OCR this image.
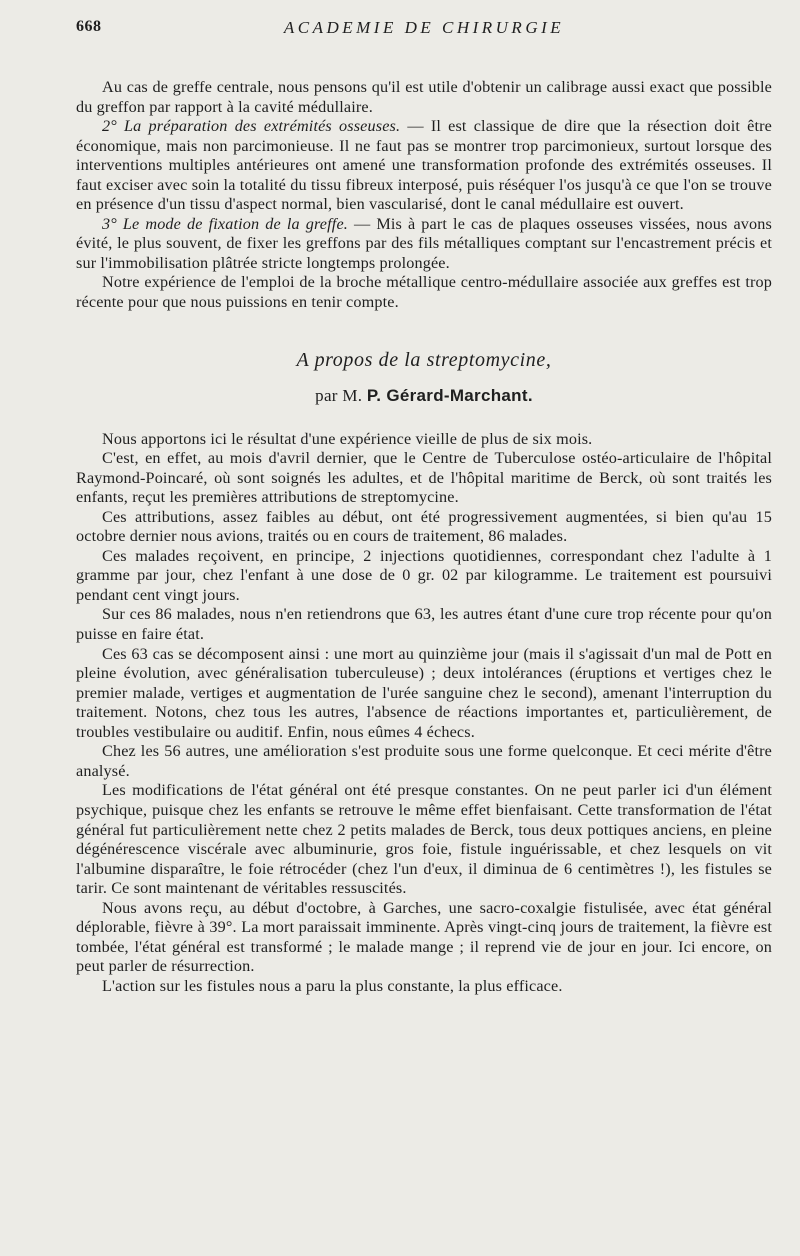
668	ACADEMIE DE CHIRURGIE

Au cas de greffe centrale, nous pensons qu'il est utile d'obtenir un calibrage aussi exact que possible du greffon par rapport à la cavité médullaire.

2° La préparation des extrémités osseuses. — Il est classique de dire que la résection doit être économique, mais non parcimonieuse. Il ne faut pas se montrer trop parcimonieux, surtout lorsque des interventions multiples antérieures ont amené une transformation profonde des extrémités osseuses. Il faut exciser avec soin la totalité du tissu fibreux interposé, puis réséquer l'os jusqu'à ce que l'on se trouve en présence d'un tissu d'aspect normal, bien vascularisé, dont le canal médullaire est ouvert.

3° Le mode de fixation de la greffe. — Mis à part le cas de plaques osseuses vissées, nous avons évité, le plus souvent, de fixer les greffons par des fils métalliques comptant sur l'encastrement précis et sur l'immobilisation plâtrée stricte longtemps prolongée.

Notre expérience de l'emploi de la broche métallique centro-médullaire associée aux greffes est trop récente pour que nous puissions en tenir compte.

A propos de la streptomycine,
par M. P. Gérard-Marchant.

Nous apportons ici le résultat d'une expérience vieille de plus de six mois.

C'est, en effet, au mois d'avril dernier, que le Centre de Tuberculose ostéo-articulaire de l'hôpital Raymond-Poincaré, où sont soignés les adultes, et de l'hôpital maritime de Berck, où sont traités les enfants, reçut les premières attributions de streptomycine.

Ces attributions, assez faibles au début, ont été progressivement augmentées, si bien qu'au 15 octobre dernier nous avions, traités ou en cours de traitement, 86 malades.

Ces malades reçoivent, en principe, 2 injections quotidiennes, correspondant chez l'adulte à 1 gramme par jour, chez l'enfant à une dose de 0 gr. 02 par kilogramme. Le traitement est poursuivi pendant cent vingt jours.

Sur ces 86 malades, nous n'en retiendrons que 63, les autres étant d'une cure trop récente pour qu'on puisse en faire état.

Ces 63 cas se décomposent ainsi : une mort au quinzième jour (mais il s'agissait d'un mal de Pott en pleine évolution, avec généralisation tuberculeuse) ; deux intolérances (éruptions et vertiges chez le premier malade, vertiges et augmentation de l'urée sanguine chez le second), amenant l'interruption du traitement. Notons, chez tous les autres, l'absence de réactions importantes et, particulièrement, de troubles vestibulaire ou auditif. Enfin, nous eûmes 4 échecs.

Chez les 56 autres, une amélioration s'est produite sous une forme quelconque. Et ceci mérite d'être analysé.

Les modifications de l'état général ont été presque constantes. On ne peut parler ici d'un élément psychique, puisque chez les enfants se retrouve le même effet bienfaisant. Cette transformation de l'état général fut particulièrement nette chez 2 petits malades de Berck, tous deux pottiques anciens, en pleine dégénérescence viscérale avec albuminurie, gros foie, fistule inguérissable, et chez lesquels on vit l'albumine disparaître, le foie rétrocéder (chez l'un d'eux, il diminua de 6 centimètres !), les fistules se tarir. Ce sont maintenant de véritables ressuscités.

Nous avons reçu, au début d'octobre, à Garches, une sacro-coxalgie fistulisée, avec état général déplorable, fièvre à 39°. La mort paraissait imminente. Après vingt-cinq jours de traitement, la fièvre est tombée, l'état général est transformé ; le malade mange ; il reprend vie de jour en jour. Ici encore, on peut parler de résurrection.

L'action sur les fistules nous a paru la plus constante, la plus efficace.
